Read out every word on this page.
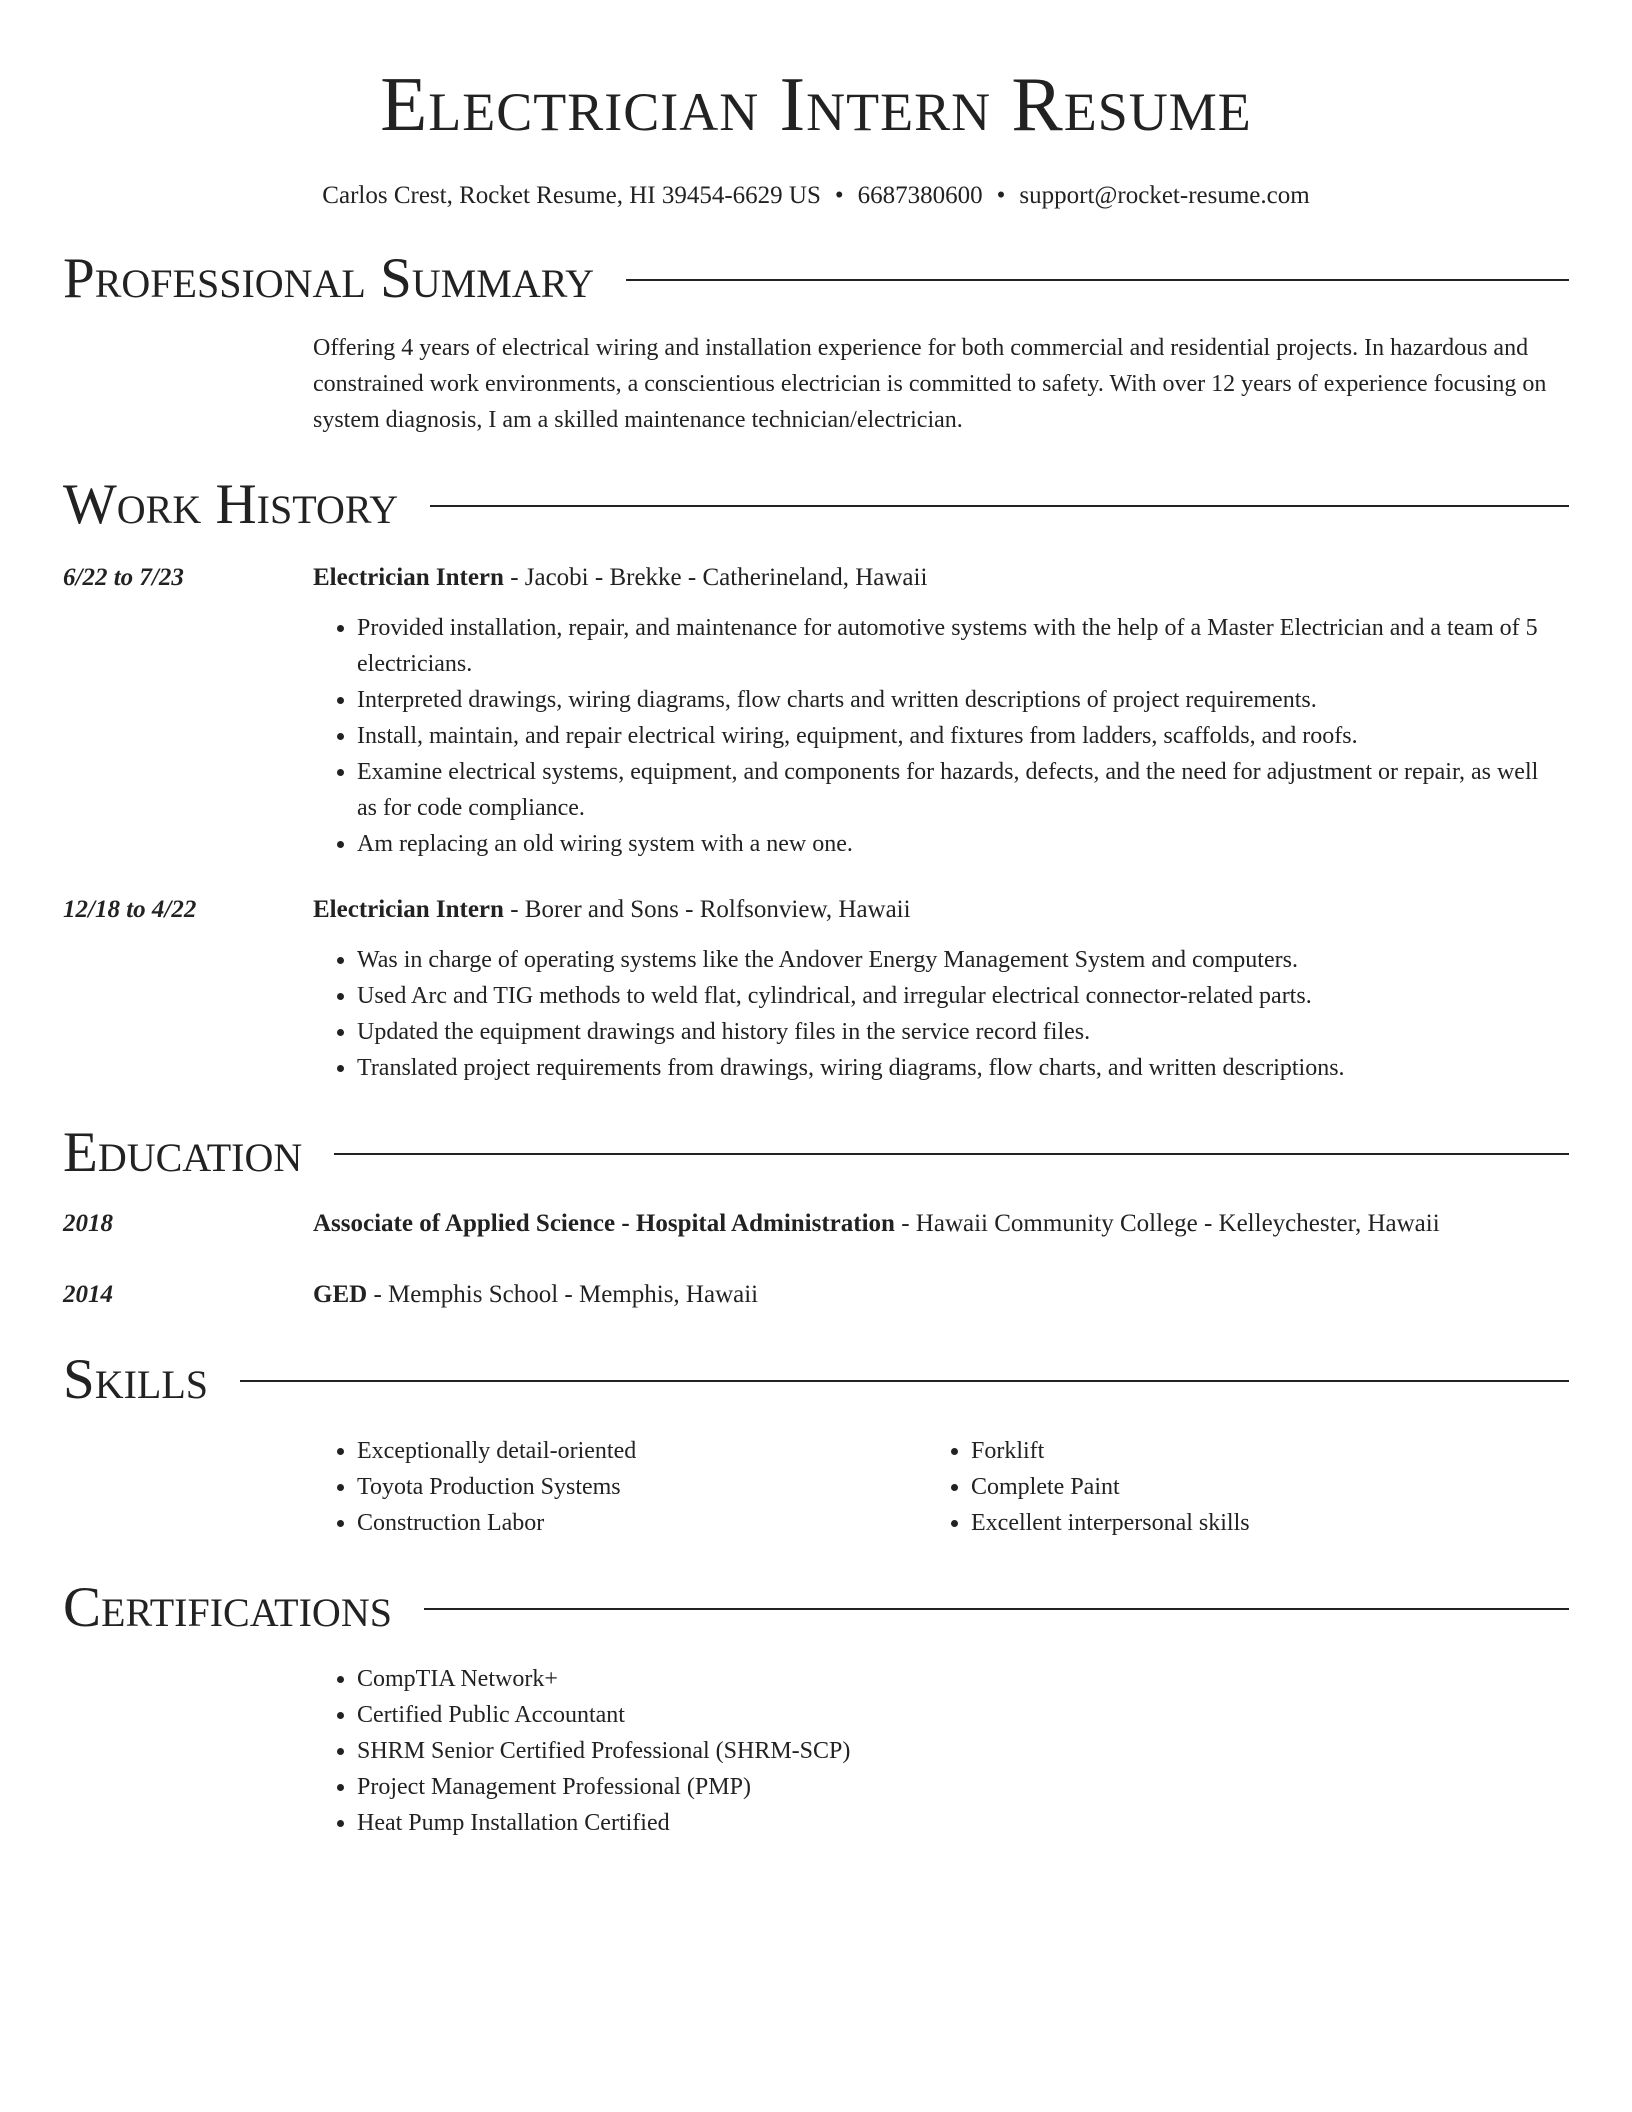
Electrician Intern Resume
Carlos Crest, Rocket Resume, HI 39454-6629 US • 6687380600 • support@rocket-resume.com
Professional Summary
Offering 4 years of electrical wiring and installation experience for both commercial and residential projects. In hazardous and constrained work environments, a conscientious electrician is committed to safety. With over 12 years of experience focusing on system diagnosis, I am a skilled maintenance technician/electrician.
Work History
6/22 to 7/23	Electrician Intern - Jacobi - Brekke - Catherineland, Hawaii
• Provided installation, repair, and maintenance for automotive systems with the help of a Master Electrician and a team of 5 electricians.
• Interpreted drawings, wiring diagrams, flow charts and written descriptions of project requirements.
• Install, maintain, and repair electrical wiring, equipment, and fixtures from ladders, scaffolds, and roofs.
• Examine electrical systems, equipment, and components for hazards, defects, and the need for adjustment or repair, as well as for code compliance.
• Am replacing an old wiring system with a new one.
12/18 to 4/22	Electrician Intern - Borer and Sons - Rolfsonview, Hawaii
• Was in charge of operating systems like the Andover Energy Management System and computers.
• Used Arc and TIG methods to weld flat, cylindrical, and irregular electrical connector-related parts.
• Updated the equipment drawings and history files in the service record files.
• Translated project requirements from drawings, wiring diagrams, flow charts, and written descriptions.
Education
2018	Associate of Applied Science - Hospital Administration - Hawaii Community College - Kelleychester, Hawaii
2014	GED - Memphis School - Memphis, Hawaii
Skills
• Exceptionally detail-oriented
• Toyota Production Systems
• Construction Labor
• Forklift
• Complete Paint
• Excellent interpersonal skills
Certifications
• CompTIA Network+
• Certified Public Accountant
• SHRM Senior Certified Professional (SHRM-SCP)
• Project Management Professional (PMP)
• Heat Pump Installation Certified
